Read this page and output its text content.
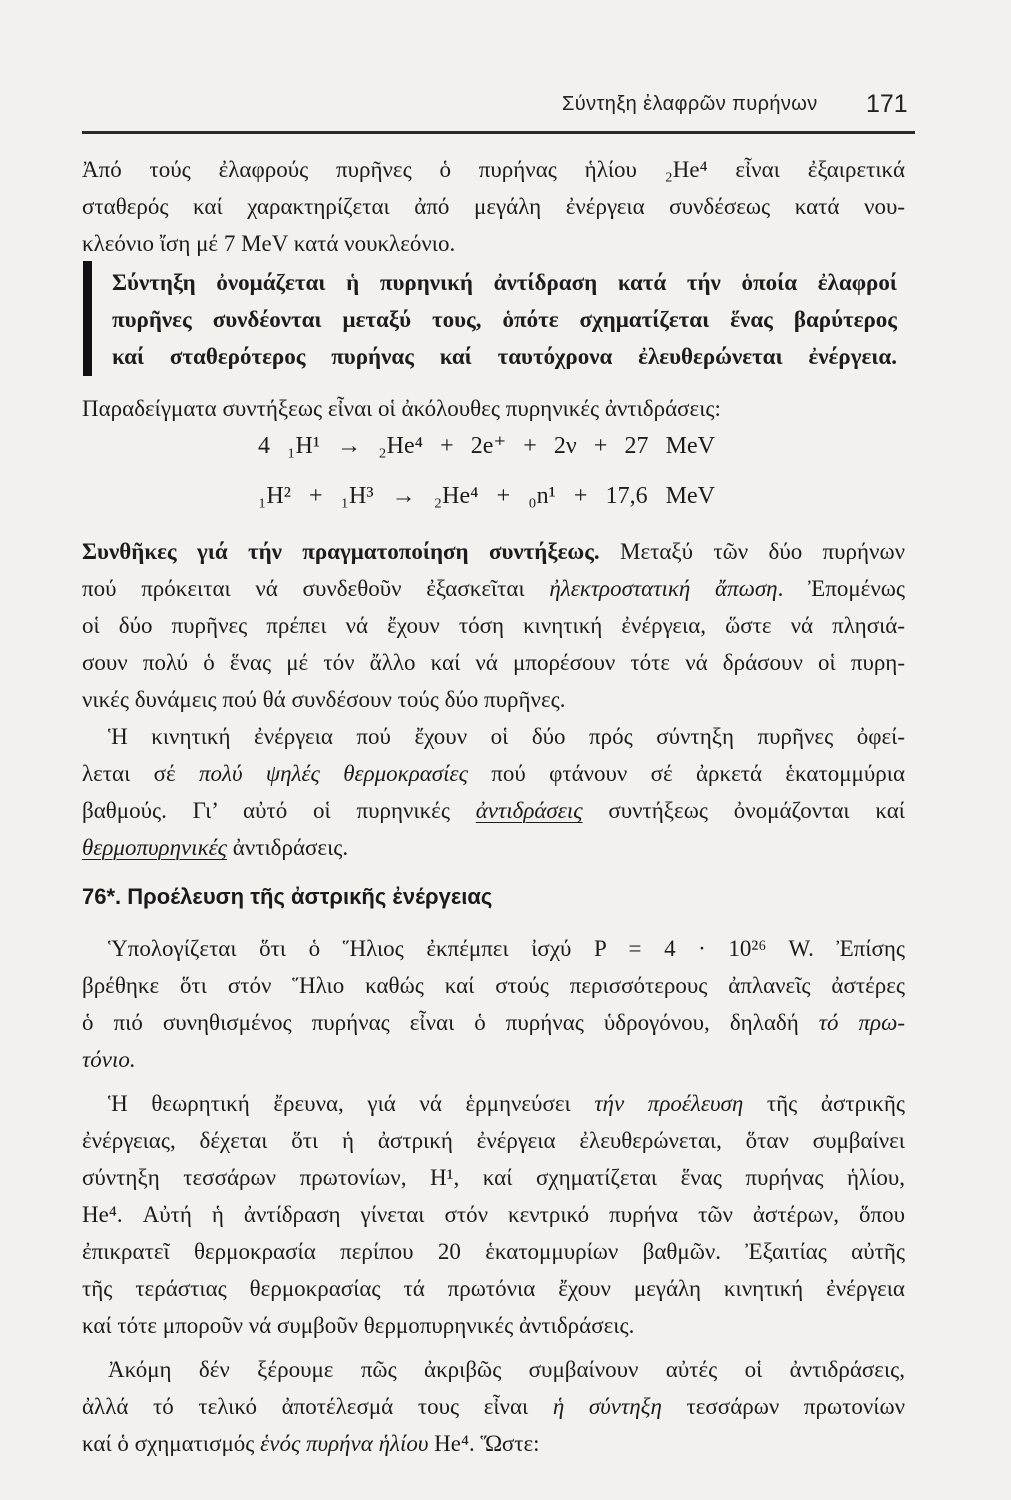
Σύντηξη ἐλαφρῶν πυρήνων 171
Ἀπό τούς ἐλαφρούς πυρῆνες ὁ πυρήνας ἡλίου ₂He⁴ εἶναι ἐξαιρετικά
σταθερός καί χαρακτηρίζεται ἀπό μεγάλη ἐνέργεια συνδέσεως κατά νου-
κλεόνιο ἴση μέ 7 MeV κατά νουκλεόνιο.
Σύντηξη ὀνομάζεται ἡ πυρηνική ἀντίδραση κατά τήν ὁποία ἐλαφροί
πυρῆνες συνδέονται μεταξύ τους, ὁπότε σχηματίζεται ἕνας βαρύτερος
καί σταθερότερος πυρήνας καί ταυτόχρονα ἐλευθερώνεται ἐνέργεια.
Παραδείγματα συντήξεως εἶναι οἱ ἀκόλουθες πυρηνικές ἀντιδράσεις:
4 ₁H¹ → ₂He⁴ + 2e⁺ + 2ν + 27 MeV
₁H² + ₁H³ → ₂He⁴ + ₀n¹ + 17,6 MeV
Συνθῆκες γιά τήν πραγματοποίηση συντήξεως. Μεταξύ τῶν δύο πυρήνων
πού πρόκειται νά συνδεθοῦν ἐξασκεῖται ἠλεκτροστατική ἄπωση. Ἐπομένως
οἱ δύο πυρῆνες πρέπει νά ἔχουν τόση κινητική ἐνέργεια, ὥστε νά πλησιά-
σουν πολύ ὁ ἕνας μέ τόν ἄλλο καί νά μπορέσουν τότε νά δράσουν οἱ πυρη-
νικές δυνάμεις πού θά συνδέσουν τούς δύο πυρῆνες.
Ἡ κινητική ἐνέργεια πού ἔχουν οἱ δύο πρός σύντηξη πυρῆνες ὀφεί-
λεται σέ πολύ ψηλές θερμοκρασίες πού φτάνουν σέ ἀρκετά ἑκατομμύρια
βαθμούς. Γι’ αὐτό οἱ πυρηνικές ἀντιδράσεις συντήξεως ὀνομάζονται καί
θερμοπυρηνικές ἀντιδράσεις.
76*. Προέλευση τῆς ἀστρικῆς ἐνέργειας
Ὑπολογίζεται ὅτι ὁ Ἥλιος ἐκπέμπει ἰσχύ P = 4 · 10²⁶ W. Ἐπίσης
βρέθηκε ὅτι στόν Ἥλιο καθώς καί στούς περισσότερους ἀπλανεῖς ἀστέρες
ὁ πιό συνηθισμένος πυρήνας εἶναι ὁ πυρήνας ὑδρογόνου, δηλαδή τό πρω-
τόνιο.
Ἡ θεωρητική ἔρευνα, γιά νά ἑρμηνεύσει τήν προέλευση τῆς ἀστρικῆς
ἐνέργειας, δέχεται ὅτι ἡ ἀστρική ἐνέργεια ἐλευθερώνεται, ὅταν συμβαίνει
σύντηξη τεσσάρων πρωτονίων, H¹, καί σχηματίζεται ἕνας πυρήνας ἡλίου,
He⁴. Αὐτή ἡ ἀντίδραση γίνεται στόν κεντρικό πυρήνα τῶν ἀστέρων, ὅπου
ἐπικρατεῖ θερμοκρασία περίπου 20 ἑκατομμυρίων βαθμῶν. Ἐξαιτίας αὐτῆς
τῆς τεράστιας θερμοκρασίας τά πρωτόνια ἔχουν μεγάλη κινητική ἐνέργεια
καί τότε μποροῦν νά συμβοῦν θερμοπυρηνικές ἀντιδράσεις.
Ἀκόμη δέν ξέρουμε πῶς ἀκριβῶς συμβαίνουν αὐτές οἱ ἀντιδράσεις,
ἀλλά τό τελικό ἀποτέλεσμά τους εἶναι ἡ σύντηξη τεσσάρων πρωτονίων
καί ὁ σχηματισμός ἑνός πυρήνα ἡλίου He⁴. Ὥστε:
